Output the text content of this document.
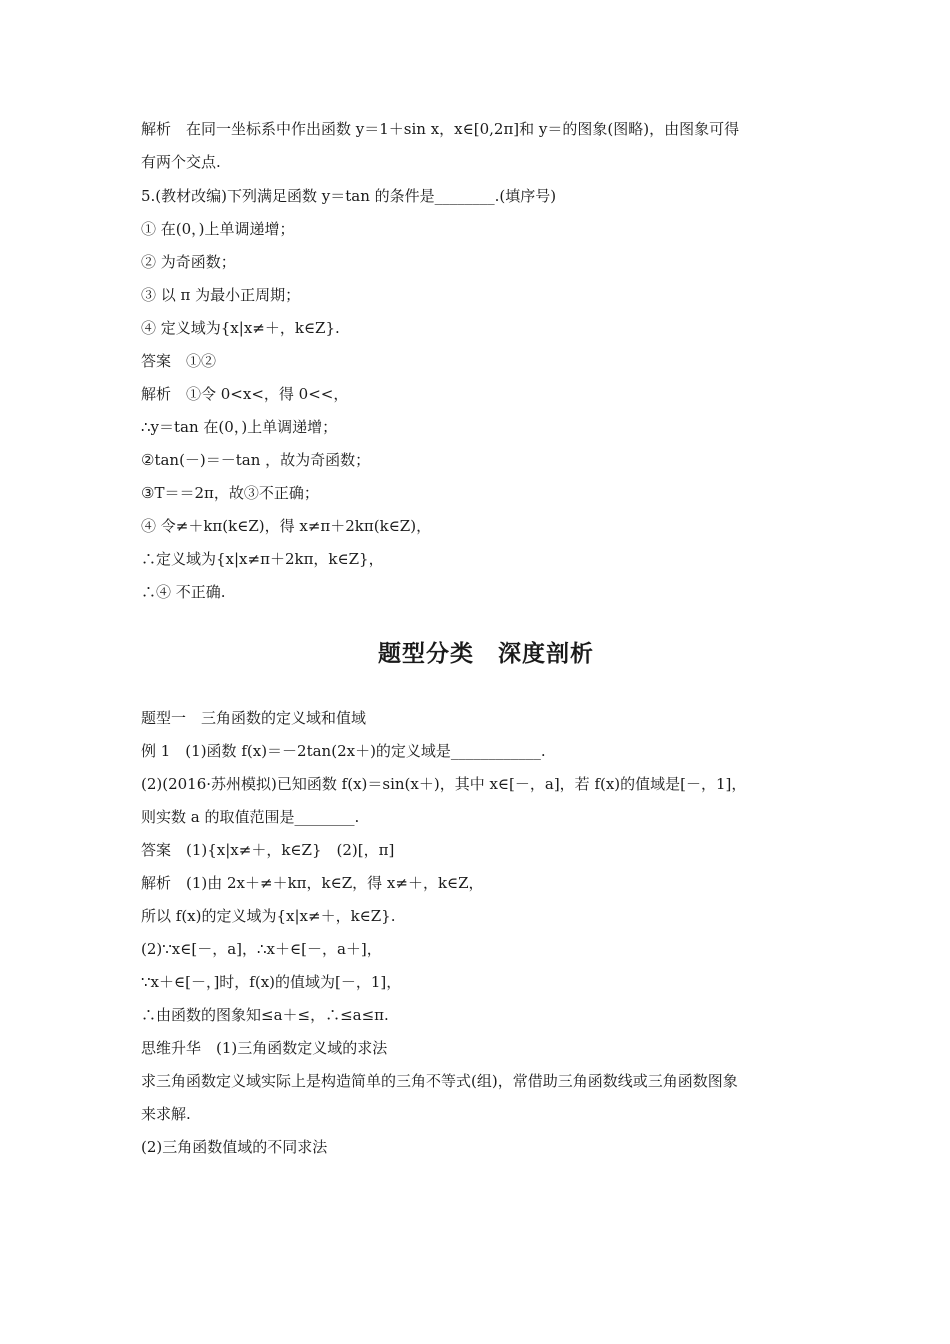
解析　在同一坐标系中作出函数 y＝1＋sin x，x∈[0,2π]和 y＝的图象(图略)，由图象可得

有两个交点.

5.(教材改编)下列满足函数 y＝tan 的条件是________.(填序号)

① 在(0，)上单调递增；

② 为奇函数；

③ 以 π 为最小正周期；

④ 定义域为{x|x≠＋，k∈Z}.

答案　①②

解析　①令 0<x<，得 0<<，

∴y＝tan 在(0，)上单调递增；

②tan(－)＝－tan ，故为奇函数；

③T＝＝2π，故③不正确；

④ 令≠＋kπ(k∈Z)，得 x≠π＋2kπ(k∈Z)，

∴定义域为{x|x≠π＋2kπ，k∈Z}，

∴④ 不正确.

题型分类　深度剖析

题型一　三角函数的定义域和值域

例 1　(1)函数 f(x)＝－2tan(2x＋)的定义域是____________.

(2)(2016·苏州模拟)已知函数 f(x)＝sin(x＋)，其中 x∈[－，a]，若 f(x)的值域是[－，1]，

则实数 a 的取值范围是________.

答案　(1){x|x≠＋，k∈Z}　(2)[，π]

解析　(1)由 2x＋≠＋kπ，k∈Z，得 x≠＋，k∈Z，

所以 f(x)的定义域为{x|x≠＋，k∈Z}.

(2)∵x∈[－，a]，∴x＋∈[－，a＋]，

∵x＋∈[－，]时，f(x)的值域为[－，1]，

∴由函数的图象知≤a＋≤，∴≤a≤π.

思维升华　(1)三角函数定义域的求法

求三角函数定义域实际上是构造简单的三角不等式(组)，常借助三角函数线或三角函数图象

来求解.

(2)三角函数值域的不同求法
